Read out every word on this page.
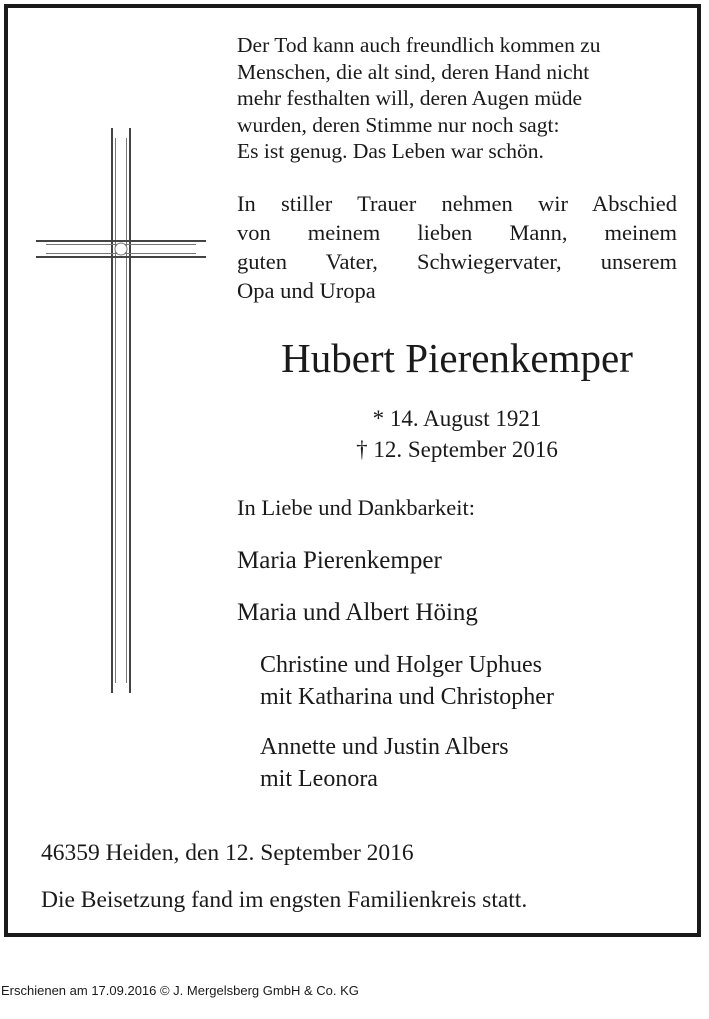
Der Tod kann auch freundlich kommen zu
Menschen, die alt sind, deren Hand nicht
mehr festhalten will, deren Augen müde
wurden, deren Stimme nur noch sagt:
Es ist genug. Das Leben war schön.

In stiller Trauer nehmen wir Abschied
von meinem lieben Mann, meinem
guten Vater, Schwiegervater, unserem
Opa und Uropa

Hubert Pierenkemper

* 14. August 1921
† 12. September 2016

In Liebe und Dankbarkeit:

Maria Pierenkemper

Maria und Albert Höing

Christine und Holger Uphues
mit Katharina und Christopher

Annette und Justin Albers
mit Leonora

46359 Heiden, den 12. September 2016

Die Beisetzung fand im engsten Familienkreis statt.

Erschienen am 17.09.2016 © J. Mergelsberg GmbH & Co. KG
